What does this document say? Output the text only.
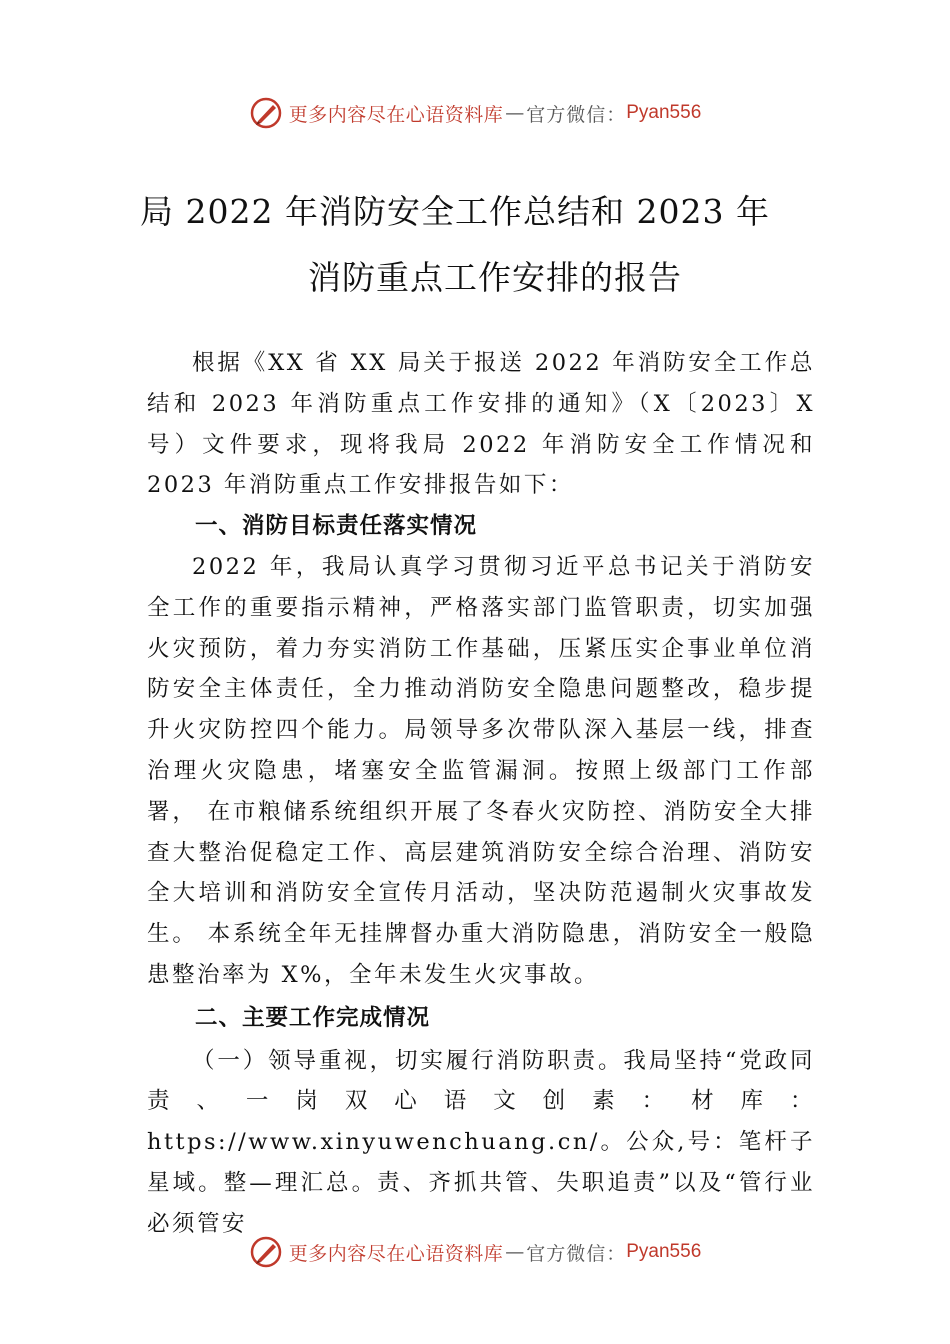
更多内容尽在心语资料库 — 官方微信： Pyan556
局 2022 年消防安全工作总结和 2023 年
消防重点工作安排的报告

根据《XX 省 XX 局关于报送 2022 年消防安全工作总结和 2023 年消防重点工作安排的通知》（X〔2023〕X 号）文件要求，现将我局 2022 年消防安全工作情况和 2023 年消防重点工作安排报告如下：

一、消防目标责任落实情况

2022 年，我局认真学习贯彻习近平总书记关于消防安全工作的重要指示精神，严格落实部门监管职责，切实加强火灾预防，着力夯实消防工作基础，压紧压实企事业单位消防安全主体责任，全力推动消防安全隐患问题整改，稳步提升火灾防控四个能力。局领导多次带队深入基层一线，排查治理火灾隐患，堵塞安全监管漏洞。按照上级部门工作部署， 在市粮储系统组织开展了冬春火灾防控、消防安全大排查大整治促稳定工作、高层建筑消防安全综合治理、消防安全大培训和消防安全宣传月活动，坚决防范遏制火灾事故发生。 本系统全年无挂牌督办重大消防隐患，消防安全一般隐患整治率为 X%，全年未发生火灾事故。

二、主要工作完成情况

（一）领导重视，切实履行消防职责。我局坚持“党政同责、一岗双心语文创素：材库：https://www.xinyuwenchuang.cn/。公众,号：笔杆子星域。整—理汇总。责、齐抓共管、失职追责”以及“管行业必须管安

更多内容尽在心语资料库 — 官方微信： Pyan556
